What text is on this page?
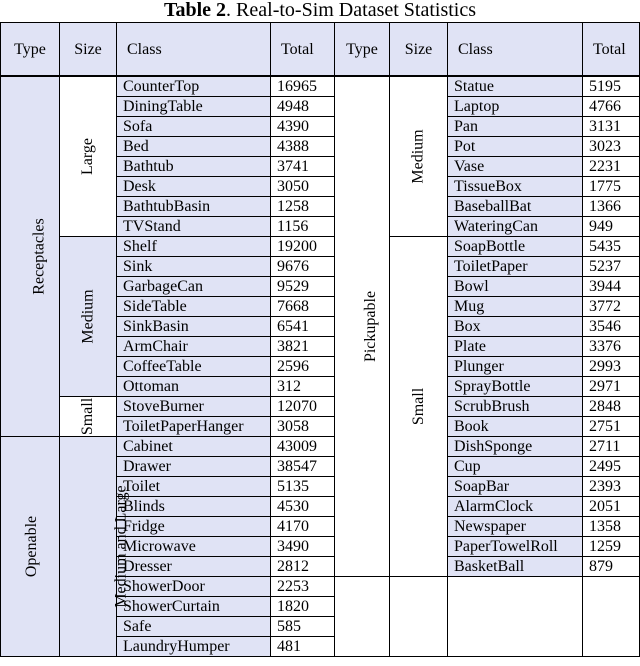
Table 2. Real-to-Sim Dataset Statistics
Type	Size	Class	Total	Type	Size	Class	Total
Receptacles	Large	CounterTop	16965	Pickupable	Medium	Statue	5195
		DiningTable	4948			Laptop	4766
		Sofa	4390			Pan	3131
		Bed	4388			Pot	3023
		Bathtub	3741			Vase	2231
		Desk	3050			TissueBox	1775
		BathtubBasin	1258			BaseballBat	1366
		TVStand	1156			WateringCan	949
	Medium	Shelf	19200		Small	SoapBottle	5435
		Sink	9676			ToiletPaper	5237
		GarbageCan	9529			Bowl	3944
		SideTable	7668			Mug	3772
		SinkBasin	6541			Box	3546
		ArmChair	3821			Plate	3376
		CoffeeTable	2596			Plunger	2993
		Ottoman	312			SprayBottle	2971
	Small	StoveBurner	12070			ScrubBrush	2848
		ToiletPaperHanger	3058			Book	2751
Openable	Medium and Large	Cabinet	43009			DishSponge	2711
		Drawer	38547			Cup	2495
		Toilet	5135			SoapBar	2393
		Blinds	4530			AlarmClock	2051
		Fridge	4170			Newspaper	1358
		Microwave	3490			PaperTowelRoll	1259
		Dresser	2812			BasketBall	879
		ShowerDoor	2253				
		ShowerCurtain	1820				
		Safe	585				
		LaundryHumper	481				
